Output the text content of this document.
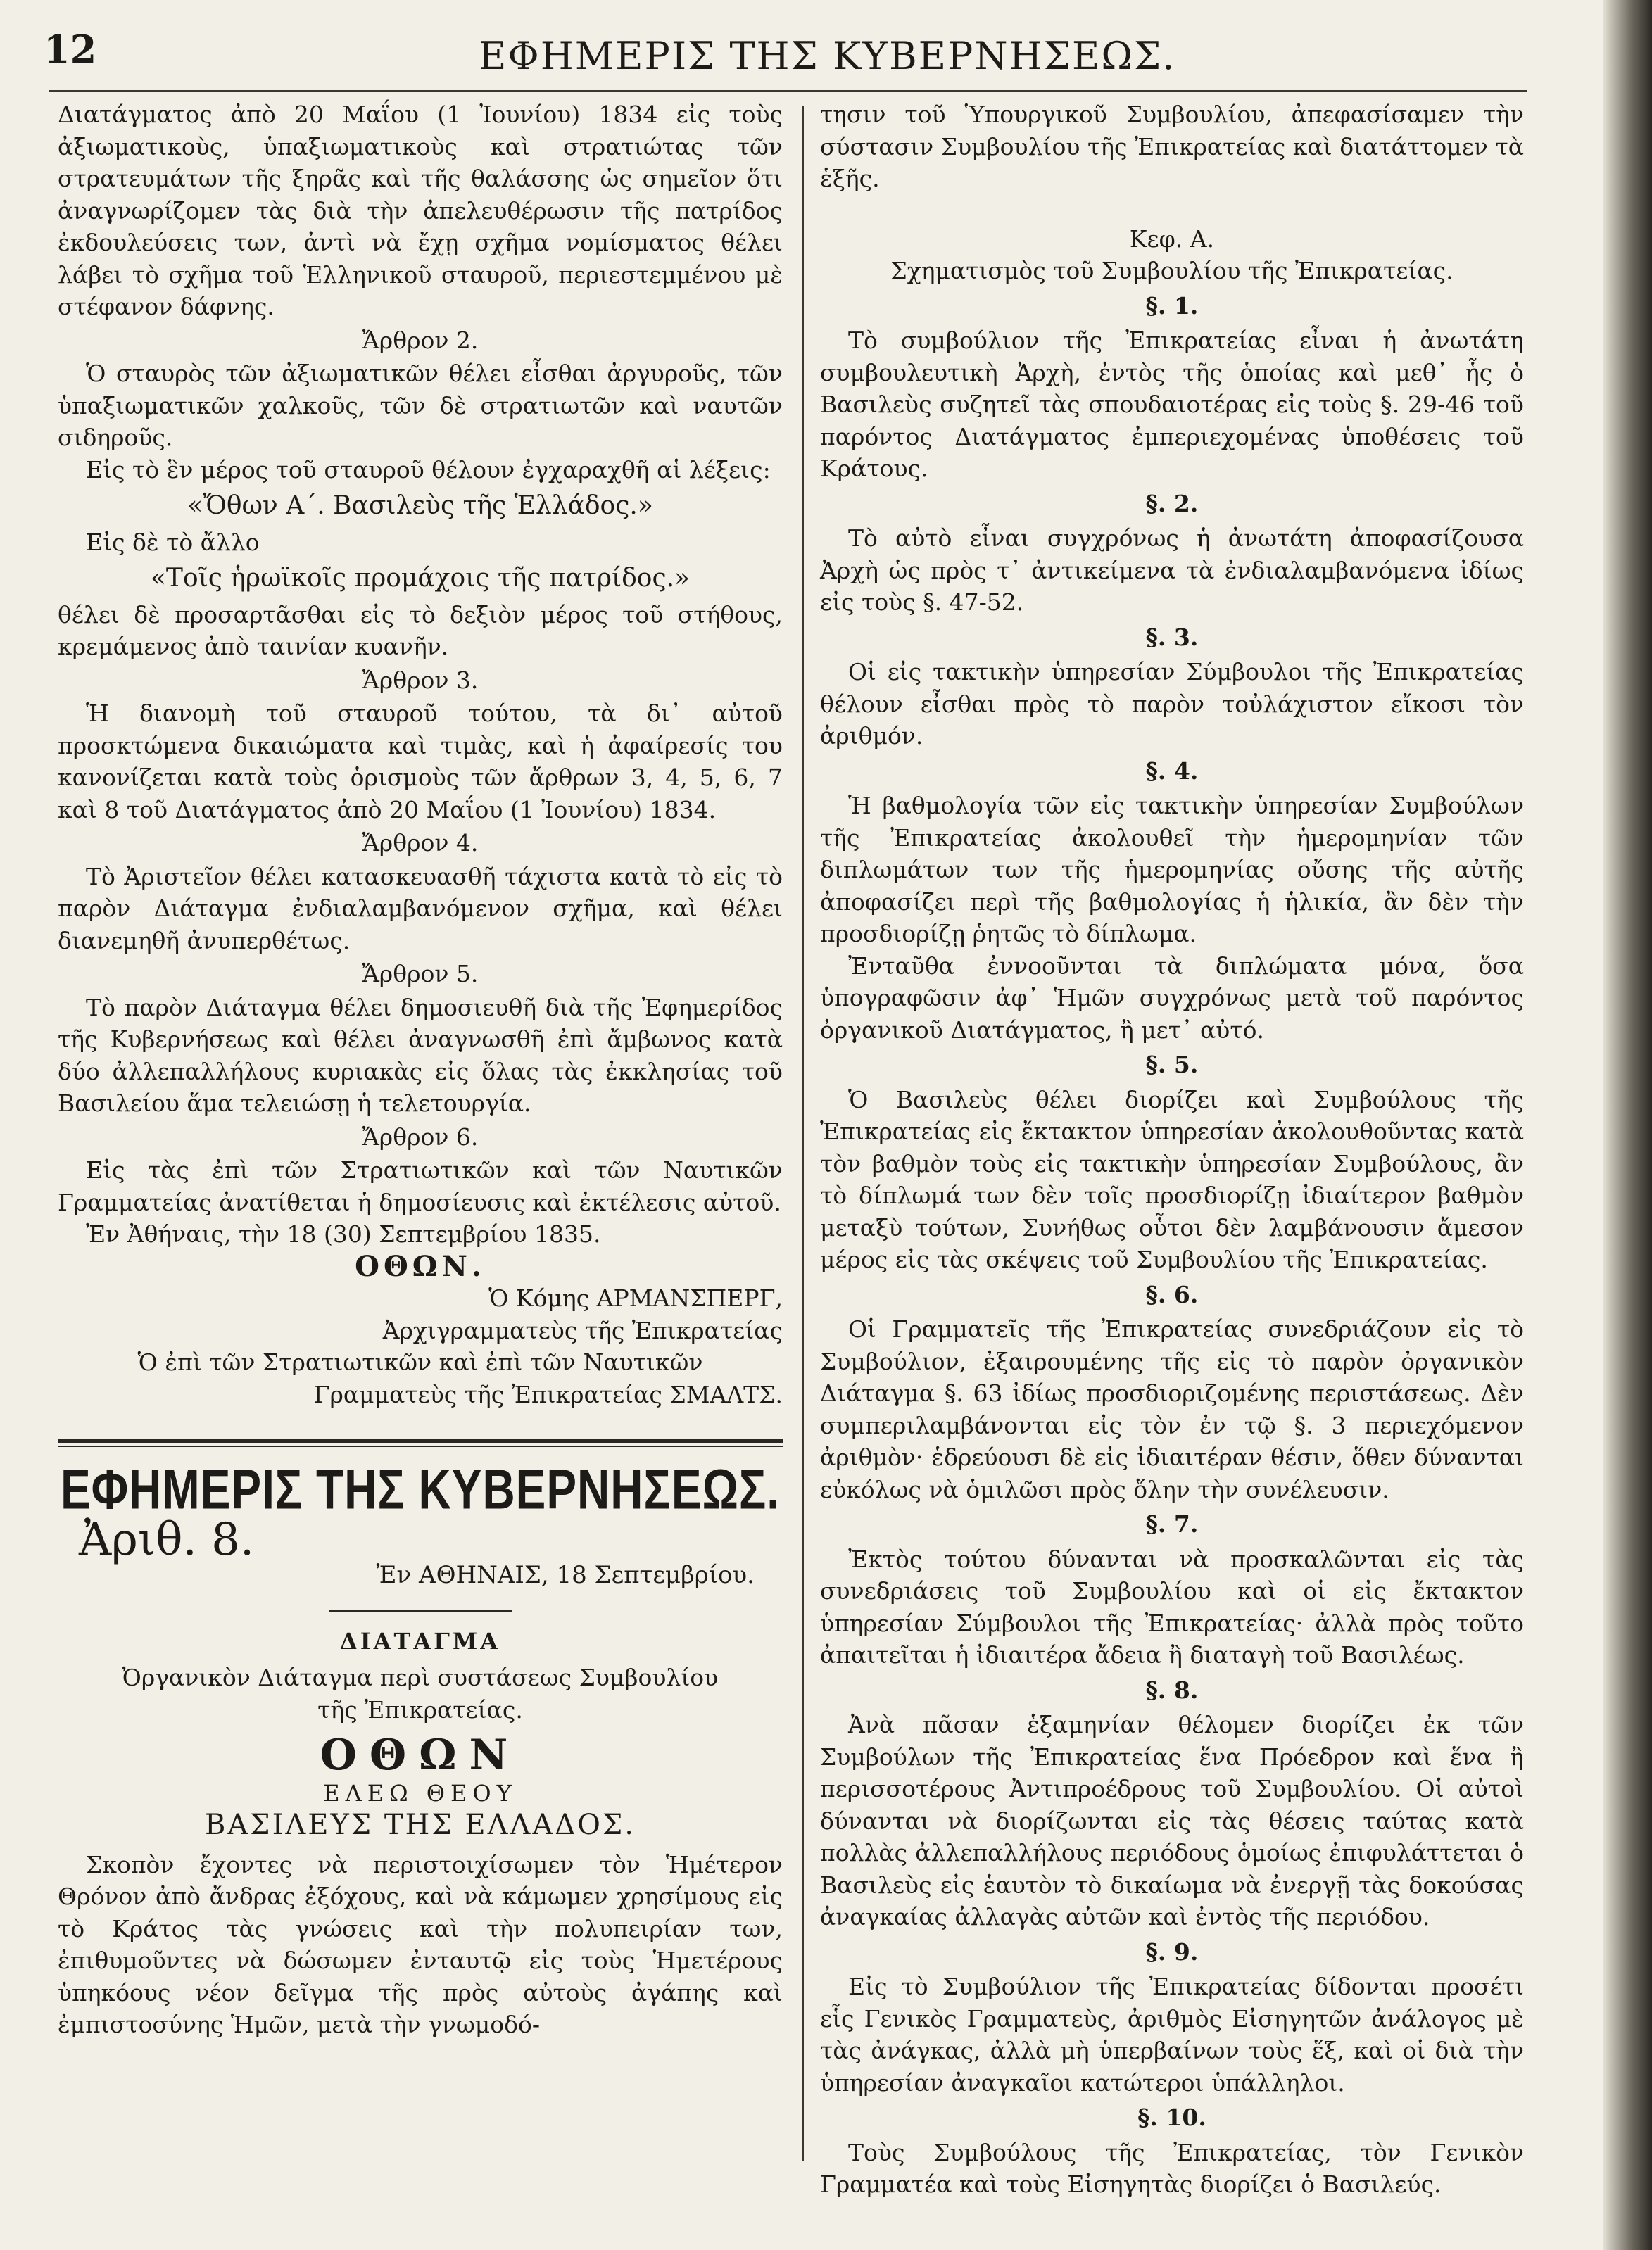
12	ΕΦΗΜΕΡΙΣ ΤΗΣ ΚΥΒΕΡΝΗΣΕΩΣ.

Διατάγματος ἀπὸ 20 Μαΐου (1 Ἰουνίου) 1834 εἰς τοὺς ἀξιωματικοὺς, ὑπαξιωματικοὺς καὶ στρατιώτας τῶν στρατευμάτων τῆς ξηρᾶς καὶ τῆς θαλάσσης ὡς σημεῖον ὅτι ἀναγνωρίζομεν τὰς διὰ τὴν ἀπελευθέρωσιν τῆς πατρίδος ἐκδουλεύσεις των, ἀντὶ νὰ ἔχῃ σχῆμα νομίσματος θέλει λάβει τὸ σχῆμα τοῦ Ἑλληνικοῦ σταυροῦ, περιεστεμμένου μὲ στέφανον δάφνης.

Ἄρθρον 2.

Ὁ σταυρὸς τῶν ἀξιωματικῶν θέλει εἶσθαι ἀργυροῦς, τῶν ὑπαξιωματικῶν χαλκοῦς, τῶν δὲ στρατιωτῶν καὶ ναυτῶν σιδηροῦς.

Εἰς τὸ ἓν μέρος τοῦ σταυροῦ θέλουν ἐγχαραχθῆ αἱ λέξεις:

«Ὄθων Α΄. Βασιλεὺς τῆς Ἑλλάδος.»

Εἰς δὲ τὸ ἄλλο

«Τοῖς ἡρωϊκοῖς προμάχοις τῆς πατρίδος.»

θέλει δὲ προσαρτᾶσθαι εἰς τὸ δεξιὸν μέρος τοῦ στήθους, κρεμάμενος ἀπὸ ταινίαν κυανῆν.

Ἄρθρον 3.

Ἡ διανομὴ τοῦ σταυροῦ τούτου, τὰ δι᾽ αὐτοῦ προσκτώμενα δικαιώματα καὶ τιμὰς, καὶ ἡ ἀφαίρεσίς του κανονίζεται κατὰ τοὺς ὁρισμοὺς τῶν ἄρθρων 3, 4, 5, 6, 7 καὶ 8 τοῦ Διατάγματος ἀπὸ 20 Μαΐου (1 Ἰουνίου) 1834.

Ἄρθρον 4.

Τὸ Ἀριστεῖον θέλει κατασκευασθῆ τάχιστα κατὰ τὸ εἰς τὸ παρὸν Διάταγμα ἐνδιαλαμβανόμενον σχῆμα, καὶ θέλει διανεμηθῆ ἀνυπερθέτως.

Ἄρθρον 5.

Τὸ παρὸν Διάταγμα θέλει δημοσιευθῆ διὰ τῆς Ἐφημερίδος τῆς Κυβερνήσεως καὶ θέλει ἀναγνωσθῆ ἐπὶ ἄμβωνος κατὰ δύο ἀλλεπαλλήλους κυριακὰς εἰς ὅλας τὰς ἐκκλησίας τοῦ Βασιλείου ἅμα τελειώσῃ ἡ τελετουργία.

Ἄρθρον 6.

Εἰς τὰς ἐπὶ τῶν Στρατιωτικῶν καὶ τῶν Ναυτικῶν Γραμματείας ἀνατίθεται ἡ δημοσίευσις καὶ ἐκτέλεσις αὐτοῦ.

Ἐν Ἀθήναις, τὴν 18 (30) Σεπτεμβρίου 1835.

ΟΘΩΝ.

Ὁ Κόμης ΑΡΜΑΝΣΠΕΡΓ,

Ἀρχιγραμματεὺς τῆς Ἐπικρατείας

Ὁ ἐπὶ τῶν Στρατιωτικῶν καὶ ἐπὶ τῶν Ναυτικῶν

Γραμματεὺς τῆς Ἐπικρατείας ΣΜΑΛΤΣ.

ΕΦΗΜΕΡΙΣ ΤΗΣ ΚΥΒΕΡΝΗΣΕΩΣ.
Ἀριθ. 8.
Ἐν ΑΘΗΝΑΙΣ, 18 Σεπτεμβρίου.

ΔΙΑΤΑΓΜΑ

Ὀργανικὸν Διάταγμα περὶ συστάσεως Συμβουλίου τῆς Ἐπικρατείας.

ΟΘΩΝ

ΕΛΕΩ ΘΕΟΥ

ΒΑΣΙΛΕΥΣ ΤΗΣ ΕΛΛΑΔΟΣ.

Σκοπὸν ἔχοντες νὰ περιστοιχίσωμεν τὸν Ἡμέτερον Θρόνον ἀπὸ ἄνδρας ἐξόχους, καὶ νὰ κάμωμεν χρησίμους εἰς τὸ Κράτος τὰς γνώσεις καὶ τὴν πολυπειρίαν των, ἐπιθυμοῦντες νὰ δώσωμεν ἐνταυτῷ εἰς τοὺς Ἡμετέρους ὑπηκόους νέον δεῖγμα τῆς πρὸς αὐτοὺς ἀγάπης καὶ ἐμπιστοσύνης Ἡμῶν, μετὰ τὴν γνωμοδό-

τησιν τοῦ Ὑπουργικοῦ Συμβουλίου, ἀπεφασίσαμεν τὴν σύστασιν Συμβουλίου τῆς Ἐπικρατείας καὶ διατάττομεν τὰ ἑξῆς.

Κεφ. Α.

Σχηματισμὸς τοῦ Συμβουλίου τῆς Ἐπικρατείας.

§. 1.

Τὸ συμβούλιον τῆς Ἐπικρατείας εἶναι ἡ ἀνωτάτη συμβουλευτικὴ Ἀρχὴ, ἐντὸς τῆς ὁποίας καὶ μεθ᾽ ἧς ὁ Βασιλεὺς συζητεῖ τὰς σπουδαιοτέρας εἰς τοὺς §. 29-46 τοῦ παρόντος Διατάγματος ἐμπεριεχομένας ὑποθέσεις τοῦ Κράτους.

§. 2.

Τὸ αὐτὸ εἶναι συγχρόνως ἡ ἀνωτάτη ἀποφασίζουσα Ἀρχὴ ὡς πρὸς τ᾽ ἀντικείμενα τὰ ἐνδιαλαμβανόμενα ἰδίως εἰς τοὺς §. 47-52.

§. 3.

Οἱ εἰς τακτικὴν ὑπηρεσίαν Σύμβουλοι τῆς Ἐπικρατείας θέλουν εἶσθαι πρὸς τὸ παρὸν τοὐλάχιστον εἴκοσι τὸν ἀριθμόν.

§. 4.

Ἡ βαθμολογία τῶν εἰς τακτικὴν ὑπηρεσίαν Συμβούλων τῆς Ἐπικρατείας ἀκολουθεῖ τὴν ἡμερομηνίαν τῶν διπλωμάτων των τῆς ἡμερομηνίας οὔσης τῆς αὐτῆς ἀποφασίζει περὶ τῆς βαθμολογίας ἡ ἡλικία, ἂν δὲν τὴν προσδιορίζῃ ῥητῶς τὸ δίπλωμα.

Ἐνταῦθα ἐννοοῦνται τὰ διπλώματα μόνα, ὅσα ὑπογραφῶσιν ἀφ᾽ Ἡμῶν συγχρόνως μετὰ τοῦ παρόντος ὀργανικοῦ Διατάγματος, ἢ μετ᾽ αὐτό.

§. 5.

Ὁ Βασιλεὺς θέλει διορίζει καὶ Συμβούλους τῆς Ἐπικρατείας εἰς ἔκτακτον ὑπηρεσίαν ἀκολουθοῦντας κατὰ τὸν βαθμὸν τοὺς εἰς τακτικὴν ὑπηρεσίαν Συμβούλους, ἂν τὸ δίπλωμά των δὲν τοῖς προσδιορίζῃ ἰδιαίτερον βαθμὸν μεταξὺ τούτων, Συνήθως οὗτοι δὲν λαμβάνουσιν ἄμεσον μέρος εἰς τὰς σκέψεις τοῦ Συμβουλίου τῆς Ἐπικρατείας.

§. 6.

Οἱ Γραμματεῖς τῆς Ἐπικρατείας συνεδριάζουν εἰς τὸ Συμβούλιον, ἐξαιρουμένης τῆς εἰς τὸ παρὸν ὀργανικὸν Διάταγμα §. 63 ἰδίως προσδιοριζομένης περιστάσεως. Δὲν συμπεριλαμβάνονται εἰς τὸν ἐν τῷ §. 3 περιεχόμενον ἀριθμὸν· ἑδρεύουσι δὲ εἰς ἰδιαιτέραν θέσιν, ὅθεν δύνανται εὐκόλως νὰ ὁμιλῶσι πρὸς ὅλην τὴν συνέλευσιν.

§. 7.

Ἐκτὸς τούτου δύνανται νὰ προσκαλῶνται εἰς τὰς συνεδριάσεις τοῦ Συμβουλίου καὶ οἱ εἰς ἔκτακτον ὑπηρεσίαν Σύμβουλοι τῆς Ἐπικρατείας· ἀλλὰ πρὸς τοῦτο ἀπαιτεῖται ἡ ἰδιαιτέρα ἄδεια ἢ διαταγὴ τοῦ Βασιλέως.

§. 8.

Ἀνὰ πᾶσαν ἑξαμηνίαν θέλομεν διορίζει ἐκ τῶν Συμβούλων τῆς Ἐπικρατείας ἕνα Πρόεδρον καὶ ἕνα ἢ περισσοτέρους Ἀντιπροέδρους τοῦ Συμβουλίου. Οἱ αὐτοὶ δύνανται νὰ διορίζωνται εἰς τὰς θέσεις ταύτας κατὰ πολλὰς ἀλλεπαλλήλους περιόδους ὁμοίως ἐπιφυλάττεται ὁ Βασιλεὺς εἰς ἑαυτὸν τὸ δικαίωμα νὰ ἐνεργῇ τὰς δοκούσας ἀναγκαίας ἀλλαγὰς αὐτῶν καὶ ἐντὸς τῆς περιόδου.

§. 9.

Εἰς τὸ Συμβούλιον τῆς Ἐπικρατείας δίδονται προσέτι εἷς Γενικὸς Γραμματεὺς, ἀριθμὸς Εἰσηγητῶν ἀνάλογος μὲ τὰς ἀνάγκας, ἀλλὰ μὴ ὑπερβαίνων τοὺς ἕξ, καὶ οἱ διὰ τὴν ὑπηρεσίαν ἀναγκαῖοι κατώτεροι ὑπάλληλοι.

§. 10.

Τοὺς Συμβούλους τῆς Ἐπικρατείας, τὸν Γενικὸν Γραμματέα καὶ τοὺς Εἰσηγητὰς διορίζει ὁ Βασιλεύς.
